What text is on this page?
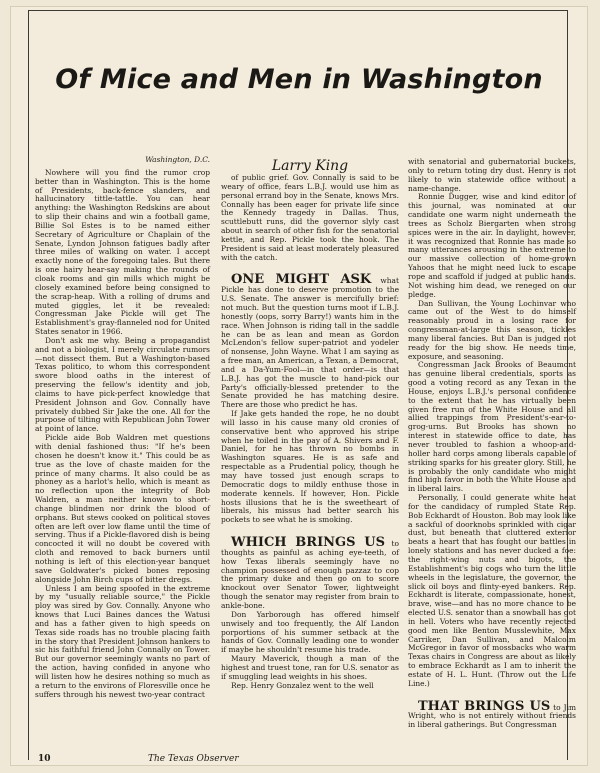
Of Mice and Men in Washington

Washington, D.C.

Nowhere will you find the rumor crop better than in Washington. This is the home of Presidents, back-fence slanders, and hallucinatory tittle-tattle. You can hear anything: the Washington Redskins are about to slip their chains and win a football game, Billie Sol Estes is to be named either Secretary of Agriculture or Chaplain of the Senate, Lyndon Johnson fatigues badly after three miles of walking on water. I accept exactly none of the foregoing tales. But there is one hairy hear-say making the rounds of cloak rooms and gin mills which might be closely examined before being consigned to the scrap-heap. With a rolling of drums and muted giggles, let it be revealed: Congressman Jake Pickle will get The Establishment's gray-flanneled nod for United States senator in 1966.

Don't ask me why. Being a propagandist and not a biologist, I merely circulate rumors—not dissect them. But a Washington-based Texas politico, to whom this correspondent swore blood oaths in the interest of preserving the fellow's identity and job, claims to have pick-perfect knowledge that President Johnson and Gov. Connally have privately dubbed Sir Jake the one. All for the purpose of tilting with Republican John Tower at point of lance.

Pickle aide Bob Waldren met questions with denial fashioned thus: "If he's been chosen he doesn't know it." This could be as true as the love of chaste maiden for the prince of many charms. It also could be as phoney as a harlot's hello, which is meant as no reflection upon the integrity of Bob Waldren, a man neither known to short-change blindmen nor drink the blood of orphans. But stews cooked on political stoves often are left over low flame until the time of serving. Thus if a Pickle-flavored dish is being concocted it will no doubt be covered with cloth and removed to back burners until nothing is left of this election-year banquet save Goldwater's picked bones reposing alongside John Birch cups of bitter dregs.

Unless I am being spoofed in the extreme by my "usually reliable source," the Pickle ploy was sired by Gov. Connally. Anyone who knows that Luci Baines dances the Watusi and has a father given to high speeds on Texas side roads has no trouble placing faith in the story that President Johnson hankers to sic his faithful friend John Connally on Tower. But our governor seemingly wants no part of the action, having confided in anyone who will listen how he desires nothing so much as a return to the environs of Floresville once he suffers through his newest two-year contract

Larry King

of public grief. Gov. Connally is said to be weary of office, fears L.B.J. would use him as personal errand boy in the Senate, knows Mrs. Connally has been eager for private life since the Kennedy tragedy in Dallas. Thus, scuttlebutt runs, did the governor slyly cast about in search of other fish for the senatorial kettle, and Rep. Pickle took the hook. The President is said at least moderately pleasured with the catch.

ONE MIGHT ASK what Pickle has done to deserve promotion to the U.S. Senate. The answer is mercifully brief: not much. But the question turns moot if L.B.J. honestly (oops, sorry Barry!) wants him in the race. When Johnson is riding tall in the saddle he can be as lean and mean as Gordon McLendon's fellow super-patriot and yodeler of nonsense, John Wayne. What I am saying as a free man, an American, a Texan, a Democrat, and a Da-Yum-Fool—in that order—is that L.B.J. has got the muscle to hand-pick our Party's officially-blessed pretender to the Senate provided he has matching desire. There are those who predict he has.

If Jake gets handed the rope, he no doubt will lasso in his cause many old cronies of conservative bent who approved his stripe when he toiled in the pay of A. Shivers and F. Daniel, for he has thrown no bombs in Washington squares. He is as safe and respectable as a Prudential policy, though he may have tossed just enough scraps to Democratic dogs to mildly enthuse those in moderate kennels. If however, Hon. Pickle hosts illusions that he is the sweetheart of liberals, his missus had better search his pockets to see what he is smoking.

WHICH BRINGS US to thoughts as painful as aching eye-teeth, of how Texas liberals seemingly have no champion possessed of enough pazzaz to cop the primary duke and then go on to score knockout over Senator Tower, lightweight though the senator may register from brain to ankle-bone.

Don Yarborough has offered himself unwisely and too frequently, the Alf Landon porportions of his summer setback at the hands of Gov. Connally leading one to wonder if maybe he shouldn't resume his trade.

Maury Maverick, though a man of the highest and truest tone, ran for U.S. senator as if smuggling lead weights in his shoes.

Rep. Henry Gonzalez went to the well

with senatorial and gubernatorial buckets, only to return toting dry dust. Henry is not likely to win statewide office without a name-change.

Ronnie Dugger, wise and kind editor of this journal, was nominated at our candidate one warm night underneath the trees as Scholz Biergarten when strong spices were in the air. In daylight, however, it was recognized that Ronnie has made so many utterances arousing in the extreme to our massive collection of home-grown Yahoos that he might need luck to escape rope and scaffold if judged at public hands. Not wishing him dead, we reneged on our pledge.

Dan Sullivan, the Young Lochinvar who came out of the West to do himself reasonably proud in a losing race for congressman-at-large this season, tickles many liberal fancies. But Dan is judged not ready for the big show. He needs time, exposure, and seasoning.

Congressman Jack Brooks of Beaumont has genuine liberal credentials, sports as good a voting record as any Texan in the House, enjoys L.B.J.'s personal confidence to the extent that he has virtually been given free run of the White House and all allied trappings from President's-ear-to-grog-urns. But Brooks has shown no interest in statewide office to date, has never troubled to fashion a whoop-and-holler hard corps among liberals capable of striking sparks for his greater glory. Still, he is probably the only candidate who might find high favor in both the White House and in liberal lairs.

Personally, I could generate white heat for the candidacy of rumpled State Rep. Bob Eckhardt of Houston. Bob may look like a sackful of doorknobs sprinkled with cigar dust, but beneath that cluttered exterior beats a heart that has fought our battles in lonely stations and has never ducked a foe: the right-wing nuts and bigots, the Establishment's big cogs who turn the little wheels in the legislature, the governor, the slick oil boys and flinty-eyed bankers. Rep. Eckhardt is literate, compassionate, honest, brave, wise—and has no more chance to be elected U.S. senator than a snowball has got in hell. Voters who have recently rejected good men like Benton Musslewhite, Max Carriker, Dan Sullivan, and Malcolm McGregor in favor of mossbacks who warm Texas chairs in Congress are about as likely to embrace Eckhardt as I am to inherit the estate of H. L. Hunt. (Throw out the Life Line.)

THAT BRINGS US to Jim Wright, who is not entirely without friends in liberal gatherings. But Congressman

10	The Texas Observer
